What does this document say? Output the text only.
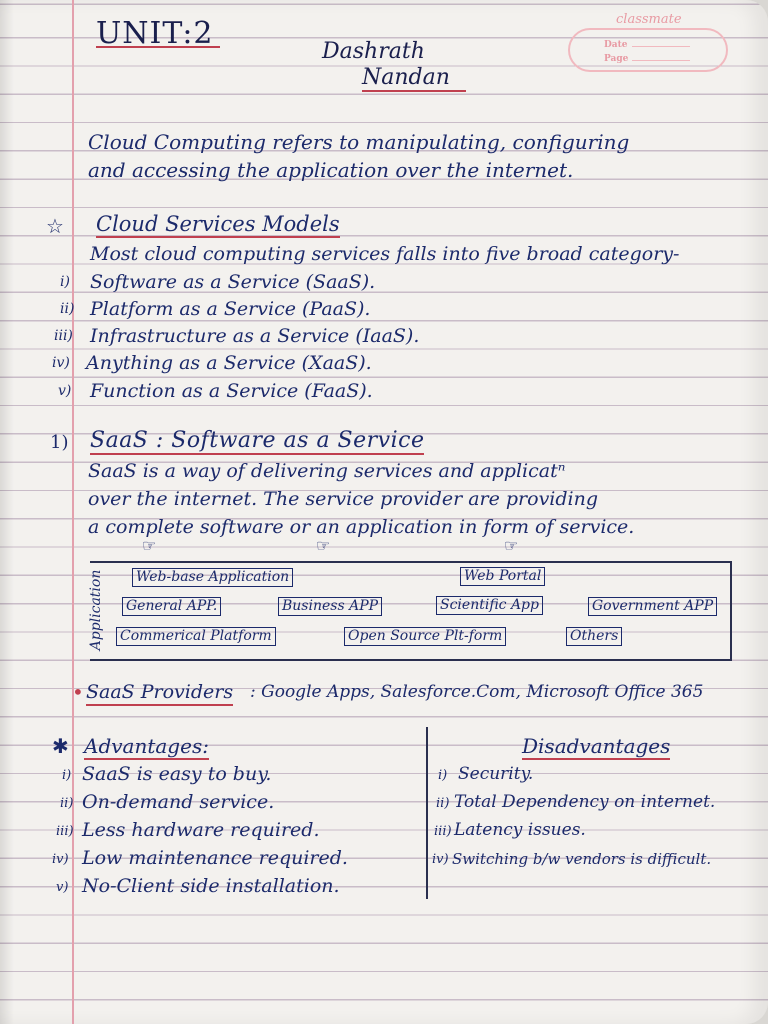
UNIT:2
Dashrath
Nandan
classmate
Date
Page
Cloud Computing refers to manipulating, configuring
and accessing the application over the internet.
☆ Cloud Services Models
Most cloud computing services falls into five broad category-
i) Software as a Service (SaaS).
ii) Platform as a Service (PaaS).
iii) Infrastructure as a Service (IaaS).
iv) Anything as a Service (XaaS).
v) Function as a Service (FaaS).
1) SaaS : Software as a Service
SaaS is a way of delivering services and applicatⁿ
over the internet. The service provider are providing
a complete software or an application in form of service.
☞	☞	☞
Application Web-base Application	Web Portal
General APP.	Business APP	Scientific App	Government APP
Commerical Platform	Open Source Plt-form	Others
• SaaS Providers : Google Apps, Salesforce.Com, Microsoft Office 365
✱ Advantages:	Disadvantages
i) SaaS is easy to buy.
ii) On-demand service.
iii) Less hardware required.
iv) Low maintenance required.
v) No-Client side installation.
i) Security.
ii) Total Dependency on internet.
iii) Latency issues.
iv) Switching b/w vendors is difficult.
